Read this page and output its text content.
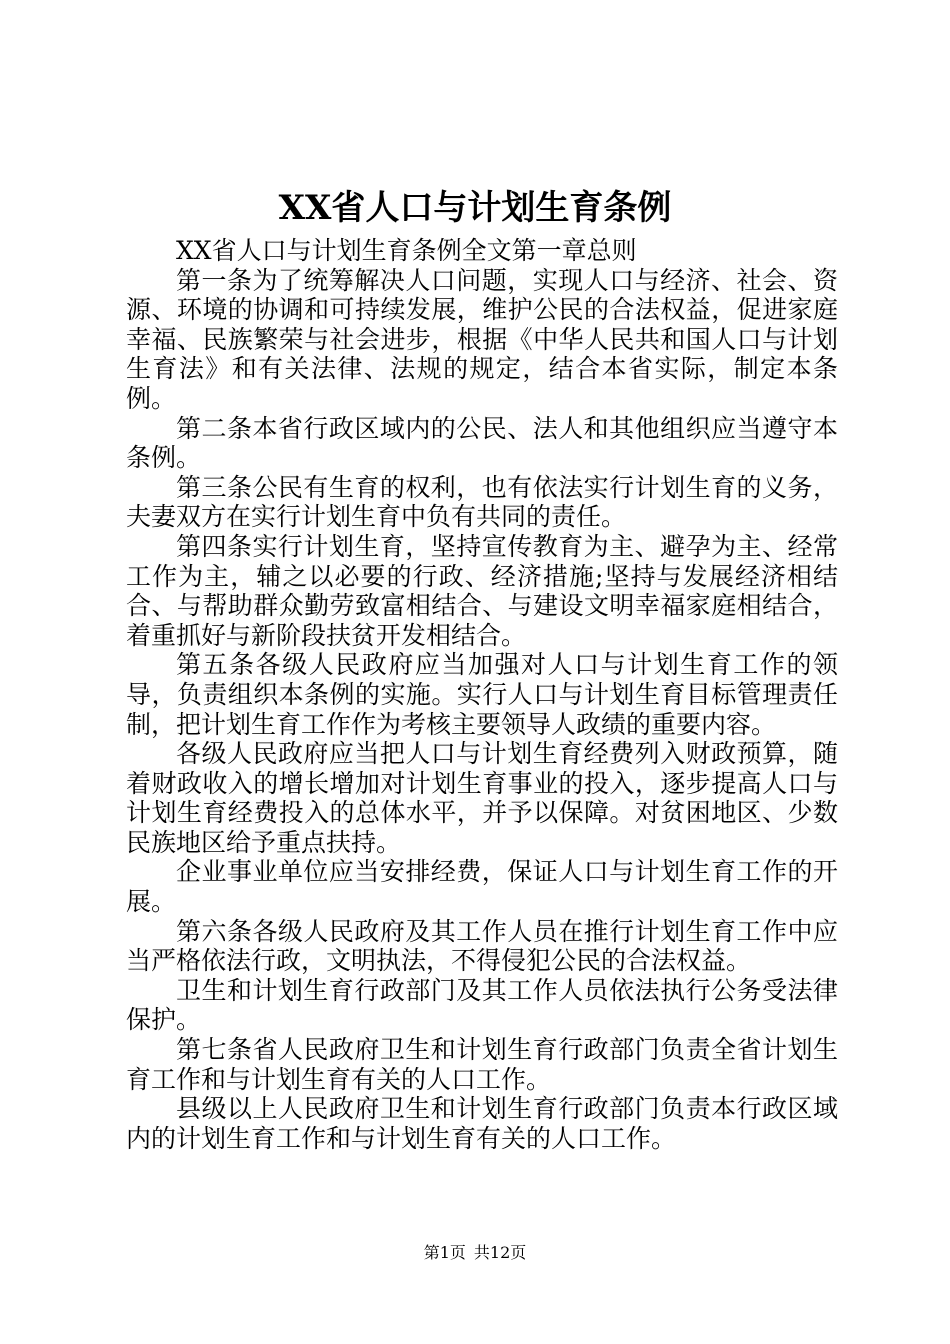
XX省人口与计划生育条例

XX省人口与计划生育条例全文第一章总则

第一条为了统筹解决人口问题，实现人口与经济、社会、资源、环境的协调和可持续发展，维护公民的合法权益，促进家庭幸福、民族繁荣与社会进步，根据《中华人民共和国人口与计划生育法》和有关法律、法规的规定，结合本省实际，制定本条例。

第二条本省行政区域内的公民、法人和其他组织应当遵守本条例。

第三条公民有生育的权利，也有依法实行计划生育的义务，夫妻双方在实行计划生育中负有共同的责任。

第四条实行计划生育，坚持宣传教育为主、避孕为主、经常工作为主，辅之以必要的行政、经济措施;坚持与发展经济相结合、与帮助群众勤劳致富相结合、与建设文明幸福家庭相结合，着重抓好与新阶段扶贫开发相结合。

第五条各级人民政府应当加强对人口与计划生育工作的领导，负责组织本条例的实施。实行人口与计划生育目标管理责任制，把计划生育工作作为考核主要领导人政绩的重要内容。

各级人民政府应当把人口与计划生育经费列入财政预算，随着财政收入的增长增加对计划生育事业的投入，逐步提高人口与计划生育经费投入的总体水平，并予以保障。对贫困地区、少数民族地区给予重点扶持。

企业事业单位应当安排经费，保证人口与计划生育工作的开展。

第六条各级人民政府及其工作人员在推行计划生育工作中应当严格依法行政，文明执法，不得侵犯公民的合法权益。

卫生和计划生育行政部门及其工作人员依法执行公务受法律保护。

第七条省人民政府卫生和计划生育行政部门负责全省计划生育工作和与计划生育有关的人口工作。

县级以上人民政府卫生和计划生育行政部门负责本行政区域内的计划生育工作和与计划生育有关的人口工作。

第1页 共12页
